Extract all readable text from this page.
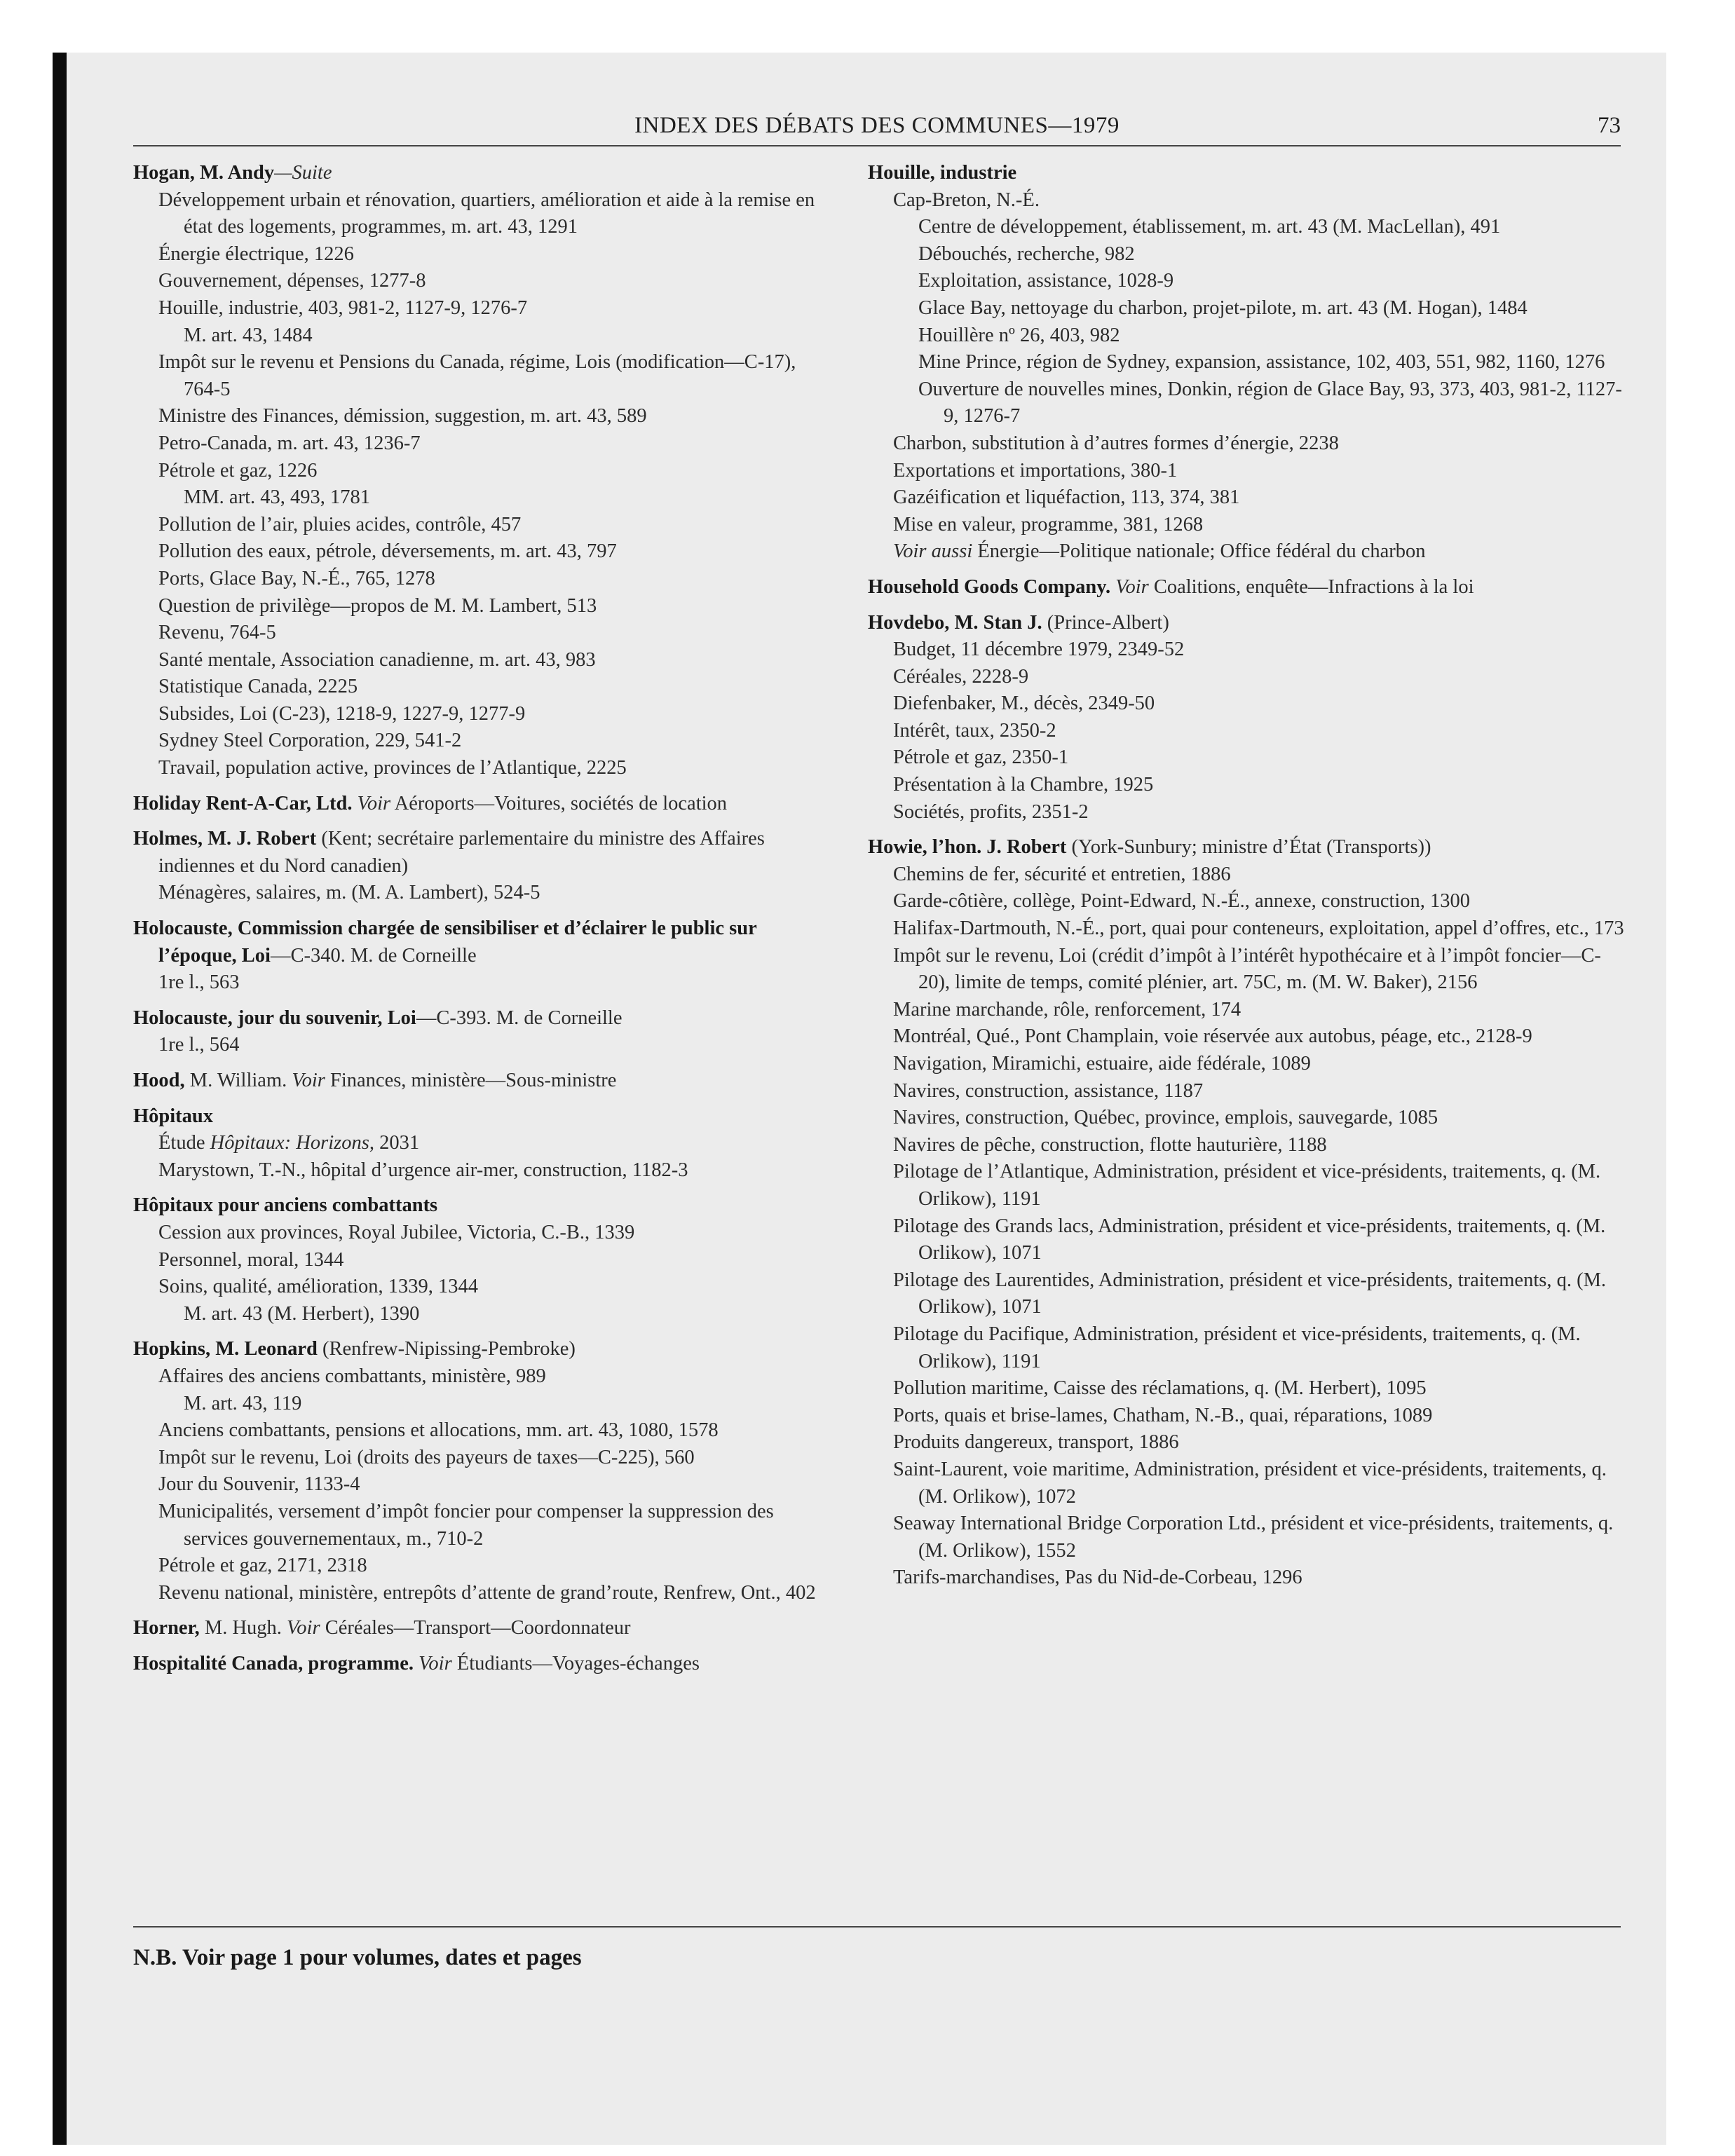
INDEX DES DÉBATS DES COMMUNES—1979	73
Hogan, M. Andy—Suite
Développement urbain et rénovation, quartiers, amélioration et aide à la remise en état des logements, programmes, m. art. 43, 1291
Énergie électrique, 1226
Gouvernement, dépenses, 1277-8
Houille, industrie, 403, 981-2, 1127-9, 1276-7
M. art. 43, 1484
Impôt sur le revenu et Pensions du Canada, régime, Lois (modification—C-17), 764-5
Ministre des Finances, démission, suggestion, m. art. 43, 589
Petro-Canada, m. art. 43, 1236-7
Pétrole et gaz, 1226
MM. art. 43, 493, 1781
Pollution de l’air, pluies acides, contrôle, 457
Pollution des eaux, pétrole, déversements, m. art. 43, 797
Ports, Glace Bay, N.-É., 765, 1278
Question de privilège—propos de M. M. Lambert, 513
Revenu, 764-5
Santé mentale, Association canadienne, m. art. 43, 983
Statistique Canada, 2225
Subsides, Loi (C-23), 1218-9, 1227-9, 1277-9
Sydney Steel Corporation, 229, 541-2
Travail, population active, provinces de l’Atlantique, 2225
Holiday Rent-A-Car, Ltd. Voir Aéroports—Voitures, sociétés de location
Holmes, M. J. Robert (Kent; secrétaire parlementaire du ministre des Affaires indiennes et du Nord canadien)
Ménagères, salaires, m. (M. A. Lambert), 524-5
Holocauste, Commission chargée de sensibiliser et d’éclairer le public sur l’époque, Loi—C-340. M. de Corneille
1re l., 563
Holocauste, jour du souvenir, Loi—C-393. M. de Corneille
1re l., 564
Hood, M. William. Voir Finances, ministère—Sous-ministre
Hôpitaux
Étude Hôpitaux: Horizons, 2031
Marystown, T.-N., hôpital d’urgence air-mer, construction, 1182-3
Hôpitaux pour anciens combattants
Cession aux provinces, Royal Jubilee, Victoria, C.-B., 1339
Personnel, moral, 1344
Soins, qualité, amélioration, 1339, 1344
M. art. 43 (M. Herbert), 1390
Hopkins, M. Leonard (Renfrew-Nipissing-Pembroke)
Affaires des anciens combattants, ministère, 989
M. art. 43, 119
Anciens combattants, pensions et allocations, mm. art. 43, 1080, 1578
Impôt sur le revenu, Loi (droits des payeurs de taxes—C-225), 560
Jour du Souvenir, 1133-4
Municipalités, versement d’impôt foncier pour compenser la suppression des services gouvernementaux, m., 710-2
Pétrole et gaz, 2171, 2318
Revenu national, ministère, entrepôts d’attente de grand’route, Renfrew, Ont., 402
Horner, M. Hugh. Voir Céréales—Transport—Coordonnateur
Hospitalité Canada, programme. Voir Étudiants—Voyages-échanges
Houille, industrie
Cap-Breton, N.-É.
Centre de développement, établissement, m. art. 43 (M. MacLellan), 491
Débouchés, recherche, 982
Exploitation, assistance, 1028-9
Glace Bay, nettoyage du charbon, projet-pilote, m. art. 43 (M. Hogan), 1484
Houillère nº 26, 403, 982
Mine Prince, région de Sydney, expansion, assistance, 102, 403, 551, 982, 1160, 1276
Ouverture de nouvelles mines, Donkin, région de Glace Bay, 93, 373, 403, 981-2, 1127-9, 1276-7
Charbon, substitution à d’autres formes d’énergie, 2238
Exportations et importations, 380-1
Gazéification et liquéfaction, 113, 374, 381
Mise en valeur, programme, 381, 1268
Voir aussi Énergie—Politique nationale; Office fédéral du charbon
Household Goods Company. Voir Coalitions, enquête—Infractions à la loi
Hovdebo, M. Stan J. (Prince-Albert)
Budget, 11 décembre 1979, 2349-52
Céréales, 2228-9
Diefenbaker, M., décès, 2349-50
Intérêt, taux, 2350-2
Pétrole et gaz, 2350-1
Présentation à la Chambre, 1925
Sociétés, profits, 2351-2
Howie, l’hon. J. Robert (York-Sunbury; ministre d’État (Transports))
Chemins de fer, sécurité et entretien, 1886
Garde-côtière, collège, Point-Edward, N.-É., annexe, construction, 1300
Halifax-Dartmouth, N.-É., port, quai pour conteneurs, exploitation, appel d’offres, etc., 173
Impôt sur le revenu, Loi (crédit d’impôt à l’intérêt hypothécaire et à l’impôt foncier—C-20), limite de temps, comité plénier, art. 75C, m. (M. W. Baker), 2156
Marine marchande, rôle, renforcement, 174
Montréal, Qué., Pont Champlain, voie réservée aux autobus, péage, etc., 2128-9
Navigation, Miramichi, estuaire, aide fédérale, 1089
Navires, construction, assistance, 1187
Navires, construction, Québec, province, emplois, sauvegarde, 1085
Navires de pêche, construction, flotte hauturière, 1188
Pilotage de l’Atlantique, Administration, président et vice-présidents, traitements, q. (M. Orlikow), 1191
Pilotage des Grands lacs, Administration, président et vice-présidents, traitements, q. (M. Orlikow), 1071
Pilotage des Laurentides, Administration, président et vice-présidents, traitements, q. (M. Orlikow), 1071
Pilotage du Pacifique, Administration, président et vice-présidents, traitements, q. (M. Orlikow), 1191
Pollution maritime, Caisse des réclamations, q. (M. Herbert), 1095
Ports, quais et brise-lames, Chatham, N.-B., quai, réparations, 1089
Produits dangereux, transport, 1886
Saint-Laurent, voie maritime, Administration, président et vice-présidents, traitements, q. (M. Orlikow), 1072
Seaway International Bridge Corporation Ltd., président et vice-présidents, traitements, q. (M. Orlikow), 1552
Tarifs-marchandises, Pas du Nid-de-Corbeau, 1296
N.B. Voir page 1 pour volumes, dates et pages
